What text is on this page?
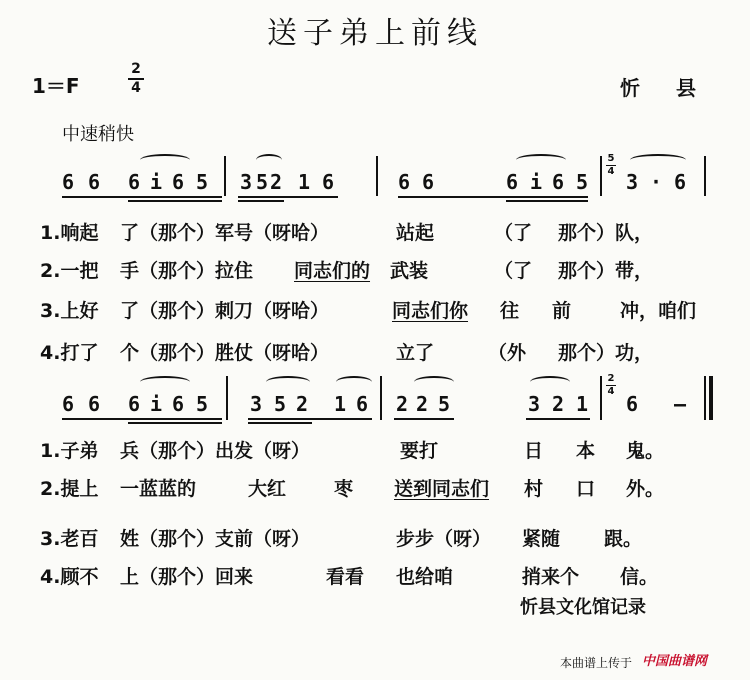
送子弟上前线
1＝F
2
4	忻　县
中速稍快
6 6 6 i 6 5 3 5 2 1 6	6 6	6 i 6 5
5
4 3 · 6
1.响起 了（那个）军号（呀哈）	站起	（了 那个）队，
2.一把 手（那个）拉住 同志们的 武装	（了 那个）带，
3.上好 了（那个）刺刀（呀哈）	同志们你 往 前	冲，咱们
4.打了 个（那个）胜仗（呀哈）	立了	（外 那个）功，
6 6 6 i 6 5 3 5 2 1 6 2 2 5	3 2 1
2
4
6 —
1.子弟 兵（那个）出发（呀）	要打	日 本 鬼。
2.提上 一蓝蓝的	大红	枣 送到同志们 村 口 外。
3.老百 姓（那个）支前（呀）	步步（呀） 紧随 跟。
4.顾不 上（那个）回来	看看 也给咱	捎来个 信。
忻县文化馆记录
本曲谱上传于 中国曲谱网
